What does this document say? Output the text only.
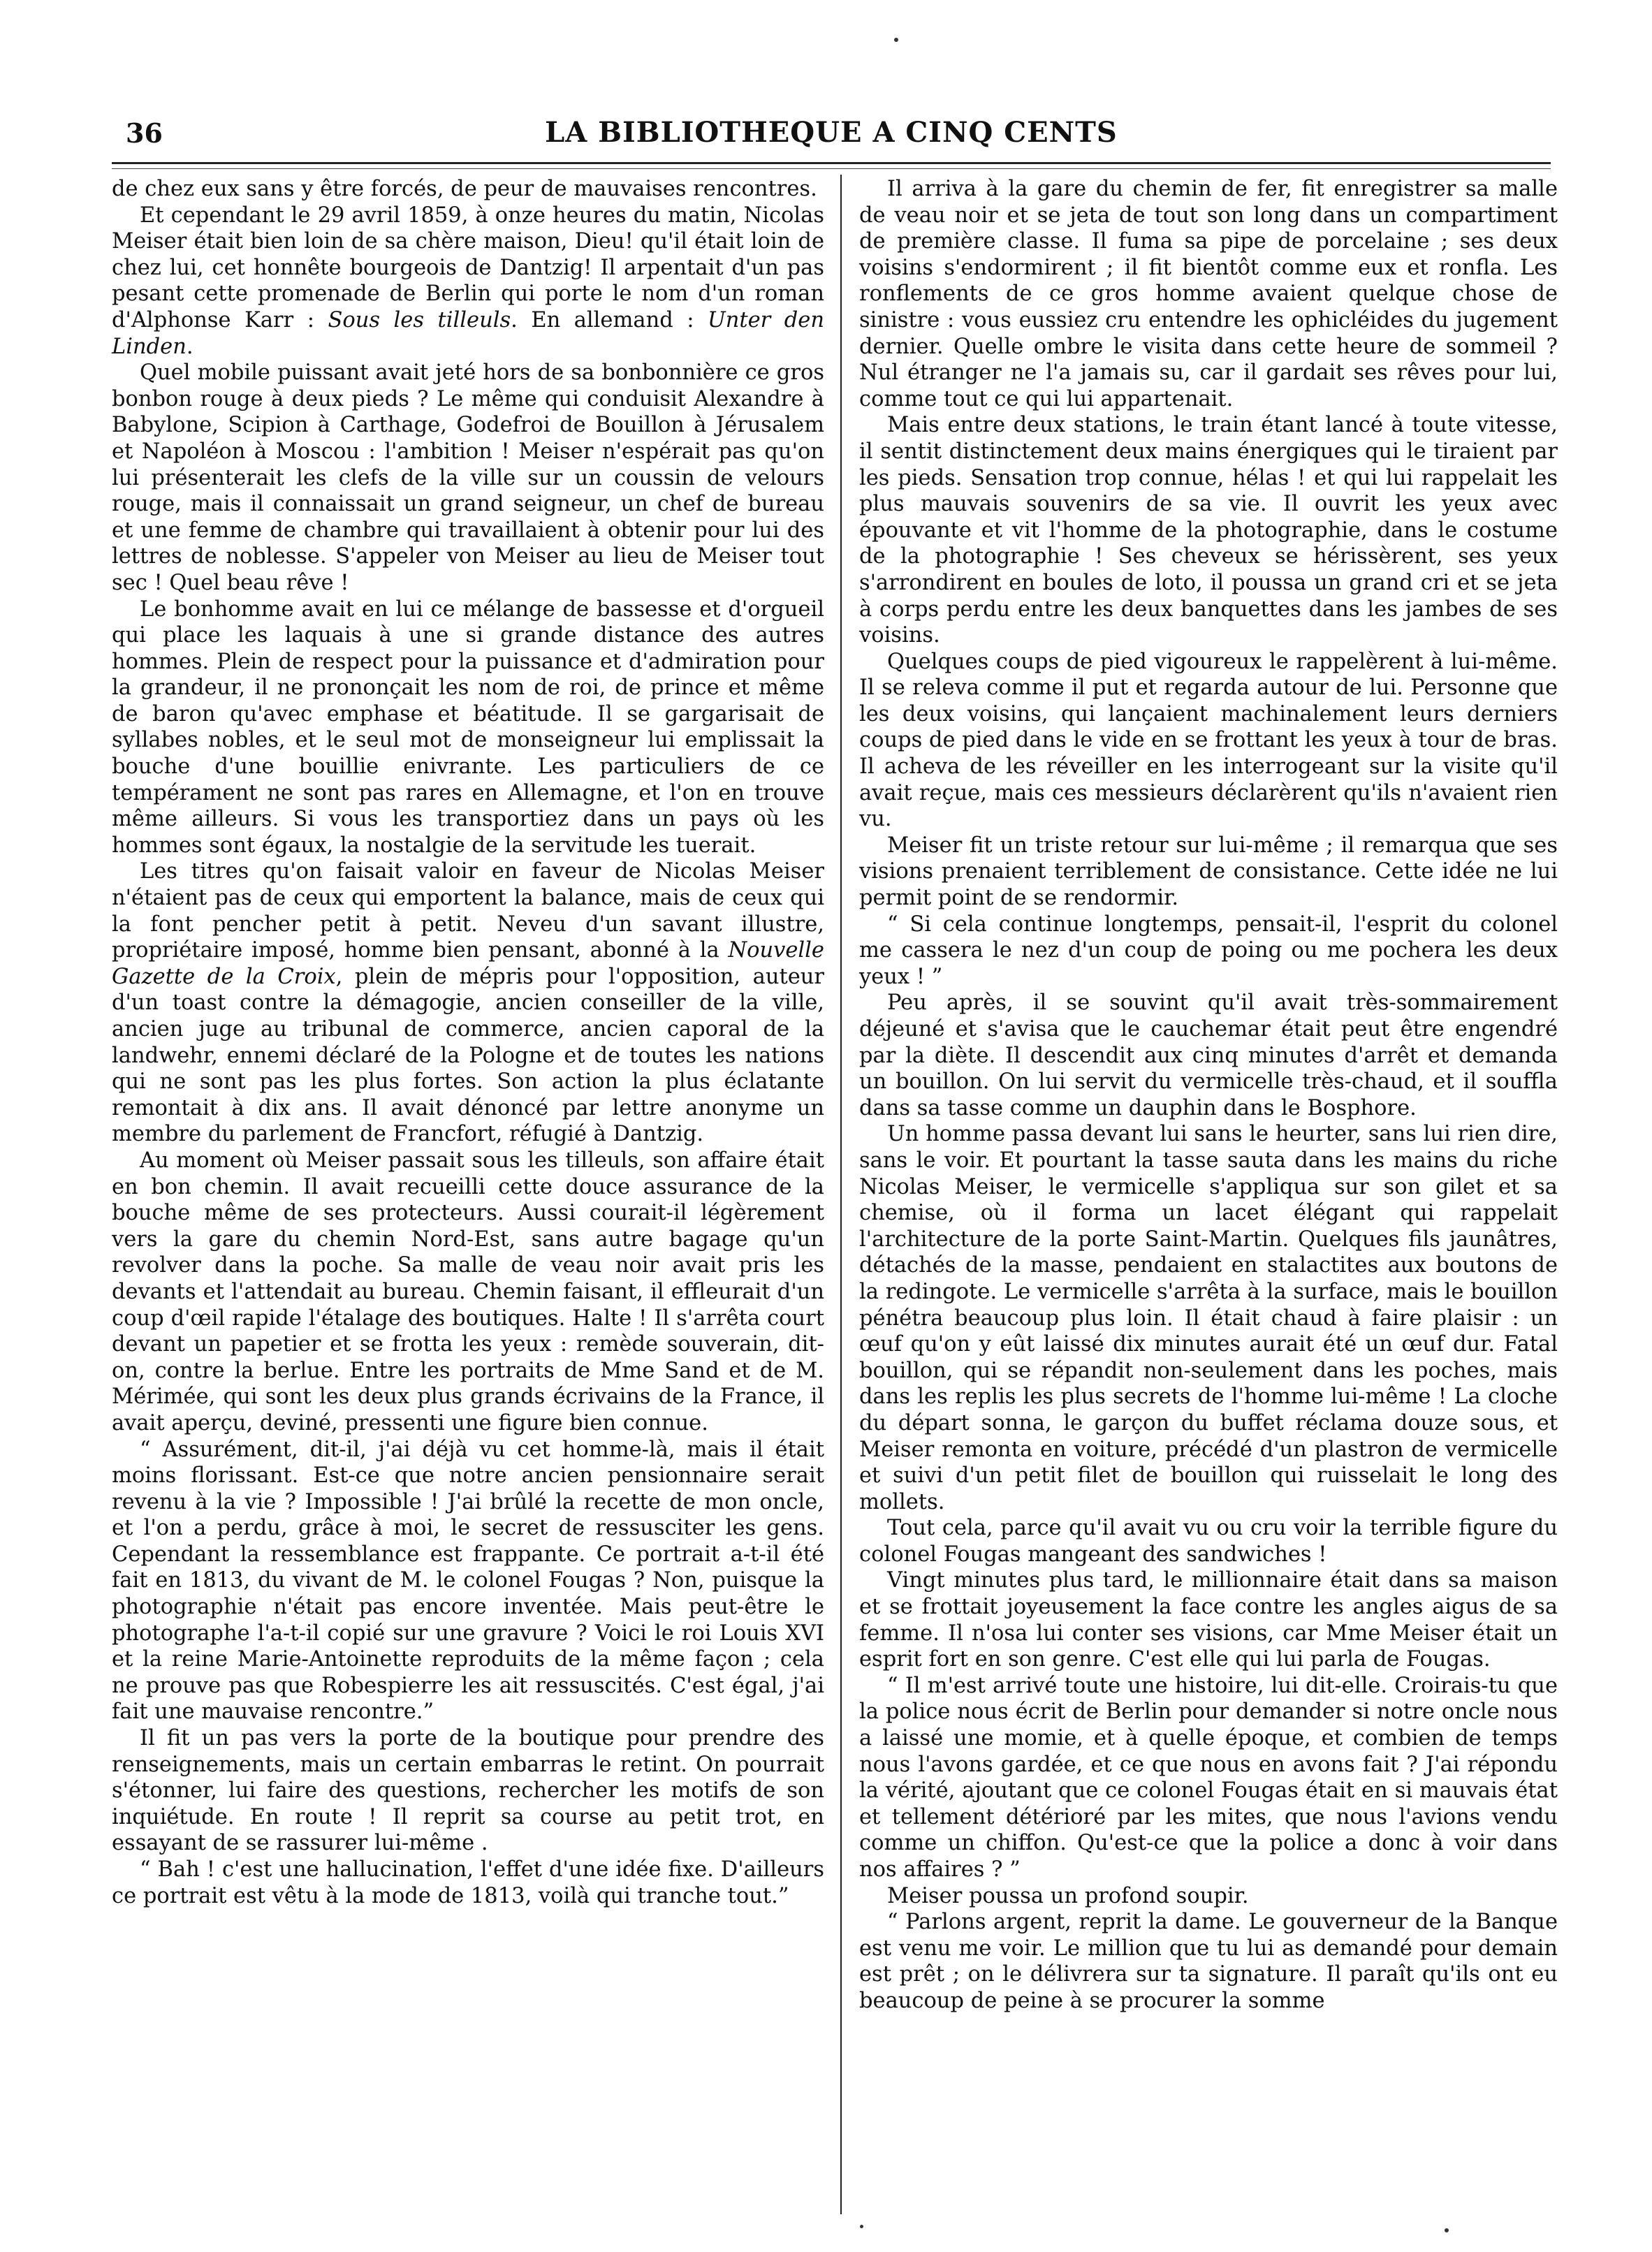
36	LA BIBLIOTHEQUE A CINQ CENTS

de chez eux sans y être forcés, de peur de mauvaises rencontres.

Et cependant le 29 avril 1859, à onze heures du matin, Nicolas Meiser était bien loin de sa chère maison, Dieu! qu'il était loin de chez lui, cet honnête bourgeois de Dantzig! Il arpentait d'un pas pesant cette promenade de Berlin qui porte le nom d'un roman d'Alphonse Karr : Sous les tilleuls. En allemand : Unter den Linden.

Quel mobile puissant avait jeté hors de sa bonbonnière ce gros bonbon rouge à deux pieds ? Le même qui conduisit Alexandre à Babylone, Scipion à Carthage, Godefroi de Bouillon à Jérusalem et Napoléon à Moscou : l'ambition ! Meiser n'espérait pas qu'on lui présenterait les clefs de la ville sur un coussin de velours rouge, mais il connaissait un grand seigneur, un chef de bureau et une femme de chambre qui travaillaient à obtenir pour lui des lettres de noblesse. S'appeler von Meiser au lieu de Meiser tout sec ! Quel beau rêve !

Le bonhomme avait en lui ce mélange de bassesse et d'orgueil qui place les laquais à une si grande distance des autres hommes. Plein de respect pour la puissance et d'admiration pour la grandeur, il ne prononçait les nom de roi, de prince et même de baron qu'avec emphase et béatitude. Il se gargarisait de syllabes nobles, et le seul mot de monseigneur lui emplissait la bouche d'une bouillie enivrante. Les particuliers de ce tempérament ne sont pas rares en Allemagne, et l'on en trouve même ailleurs. Si vous les transportiez dans un pays où les hommes sont égaux, la nostalgie de la servitude les tuerait.

Les titres qu'on faisait valoir en faveur de Nicolas Meiser n'étaient pas de ceux qui emportent la balance, mais de ceux qui la font pencher petit à petit. Neveu d'un savant illustre, propriétaire imposé, homme bien pensant, abonné à la Nouvelle Gazette de la Croix, plein de mépris pour l'opposition, auteur d'un toast contre la démagogie, ancien conseiller de la ville, ancien juge au tribunal de commerce, ancien caporal de la landwehr, ennemi déclaré de la Pologne et de toutes les nations qui ne sont pas les plus fortes. Son action la plus éclatante remontait à dix ans. Il avait dénoncé par lettre anonyme un membre du parlement de Francfort, réfugié à Dantzig.

Au moment où Meiser passait sous les tilleuls, son affaire était en bon chemin. Il avait recueilli cette douce assurance de la bouche même de ses protecteurs. Aussi courait-il légèrement vers la gare du chemin Nord-Est, sans autre bagage qu'un revolver dans la poche. Sa malle de veau noir avait pris les devants et l'attendait au bureau. Chemin faisant, il effleurait d'un coup d'œil rapide l'étalage des boutiques. Halte ! Il s'arrêta court devant un papetier et se frotta les yeux : remède souverain, dit-on, contre la berlue. Entre les portraits de Mme Sand et de M. Mérimée, qui sont les deux plus grands écrivains de la France, il avait aperçu, deviné, pressenti une figure bien connue.

“ Assurément, dit-il, j'ai déjà vu cet homme-là, mais il était moins florissant. Est-ce que notre ancien pensionnaire serait revenu à la vie ? Impossible ! J'ai brûlé la recette de mon oncle, et l'on a perdu, grâce à moi, le secret de ressusciter les gens. Cependant la ressemblance est frappante. Ce portrait a-t-il été fait en 1813, du vivant de M. le colonel Fougas ? Non, puisque la photographie n'était pas encore inventée. Mais peut-être le photographe l'a-t-il copié sur une gravure ? Voici le roi Louis XVI et la reine Marie-Antoinette reproduits de la même façon ; cela ne prouve pas que Robespierre les ait ressuscités. C'est égal, j'ai fait une mauvaise rencontre.”

Il fit un pas vers la porte de la boutique pour prendre des renseignements, mais un certain embarras le retint. On pourrait s'étonner, lui faire des questions, rechercher les motifs de son inquiétude. En route ! Il reprit sa course au petit trot, en essayant de se rassurer lui-même .

“ Bah ! c'est une hallucination, l'effet d'une idée fixe. D'ailleurs ce portrait est vêtu à la mode de 1813, voilà qui tranche tout.”

Il arriva à la gare du chemin de fer, fit enregistrer sa malle de veau noir et se jeta de tout son long dans un compartiment de première classe. Il fuma sa pipe de porcelaine ; ses deux voisins s'endormirent ; il fit bientôt comme eux et ronfla. Les ronflements de ce gros homme avaient quelque chose de sinistre : vous eussiez cru entendre les ophicléides du jugement dernier. Quelle ombre le visita dans cette heure de sommeil ? Nul étranger ne l'a jamais su, car il gardait ses rêves pour lui, comme tout ce qui lui appartenait.

Mais entre deux stations, le train étant lancé à toute vitesse, il sentit distinctement deux mains énergiques qui le tiraient par les pieds. Sensation trop connue, hélas ! et qui lui rappelait les plus mauvais souvenirs de sa vie. Il ouvrit les yeux avec épouvante et vit l'homme de la photographie, dans le costume de la photographie ! Ses cheveux se hérissèrent, ses yeux s'arrondirent en boules de loto, il poussa un grand cri et se jeta à corps perdu entre les deux banquettes dans les jambes de ses voisins.

Quelques coups de pied vigoureux le rappelèrent à lui-même. Il se releva comme il put et regarda autour de lui. Personne que les deux voisins, qui lançaient machinalement leurs derniers coups de pied dans le vide en se frottant les yeux à tour de bras. Il acheva de les réveiller en les interrogeant sur la visite qu'il avait reçue, mais ces messieurs déclarèrent qu'ils n'avaient rien vu.

Meiser fit un triste retour sur lui-même ; il remarqua que ses visions prenaient terriblement de consistance. Cette idée ne lui permit point de se rendormir.

“ Si cela continue longtemps, pensait-il, l'esprit du colonel me cassera le nez d'un coup de poing ou me pochera les deux yeux ! ”

Peu après, il se souvint qu'il avait très-sommairement déjeuné et s'avisa que le cauchemar était peut être engendré par la diète. Il descendit aux cinq minutes d'arrêt et demanda un bouillon. On lui servit du vermicelle très-chaud, et il souffla dans sa tasse comme un dauphin dans le Bosphore.

Un homme passa devant lui sans le heurter, sans lui rien dire, sans le voir. Et pourtant la tasse sauta dans les mains du riche Nicolas Meiser, le vermicelle s'appliqua sur son gilet et sa chemise, où il forma un lacet élégant qui rappelait l'architecture de la porte Saint-Martin. Quelques fils jaunâtres, détachés de la masse, pendaient en stalactites aux boutons de la redingote. Le vermicelle s'arrêta à la surface, mais le bouillon pénétra beaucoup plus loin. Il était chaud à faire plaisir : un œuf qu'on y eût laissé dix minutes aurait été un œuf dur. Fatal bouillon, qui se répandit non-seulement dans les poches, mais dans les replis les plus secrets de l'homme lui-même ! La cloche du départ sonna, le garçon du buffet réclama douze sous, et Meiser remonta en voiture, précédé d'un plastron de vermicelle et suivi d'un petit filet de bouillon qui ruisselait le long des mollets.

Tout cela, parce qu'il avait vu ou cru voir la terrible figure du colonel Fougas mangeant des sandwiches !

Vingt minutes plus tard, le millionnaire était dans sa maison et se frottait joyeusement la face contre les angles aigus de sa femme. Il n'osa lui conter ses visions, car Mme Meiser était un esprit fort en son genre. C'est elle qui lui parla de Fougas.

“ Il m'est arrivé toute une histoire, lui dit-elle. Croirais-tu que la police nous écrit de Berlin pour demander si notre oncle nous a laissé une momie, et à quelle époque, et combien de temps nous l'avons gardée, et ce que nous en avons fait ? J'ai répondu la vérité, ajoutant que ce colonel Fougas était en si mauvais état et tellement détérioré par les mites, que nous l'avions vendu comme un chiffon. Qu'est-ce que la police a donc à voir dans nos affaires ? ”

Meiser poussa un profond soupir.

“ Parlons argent, reprit la dame. Le gouverneur de la Banque est venu me voir. Le million que tu lui as demandé pour demain est prêt ; on le délivrera sur ta signature. Il paraît qu'ils ont eu beaucoup de peine à se procurer la somme
